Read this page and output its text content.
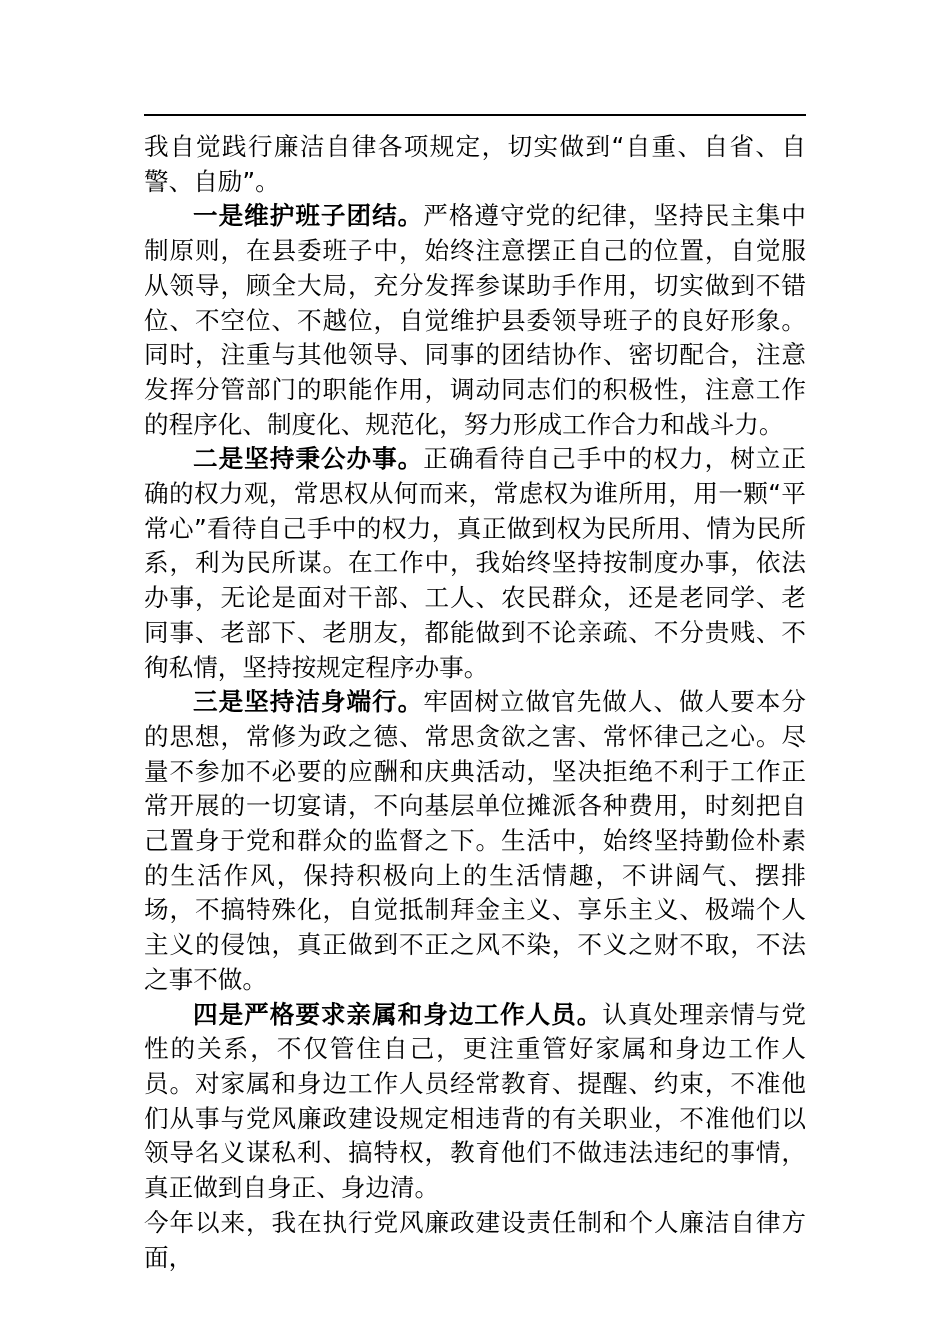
我自觉践行廉洁自律各项规定，切实做到“自重、自省、自警、自励”。

一是维护班子团结。严格遵守党的纪律，坚持民主集中制原则，在县委班子中，始终注意摆正自己的位置，自觉服从领导，顾全大局，充分发挥参谋助手作用，切实做到不错位、不空位、不越位，自觉维护县委领导班子的良好形象。同时，注重与其他领导、同事的团结协作、密切配合，注意发挥分管部门的职能作用，调动同志们的积极性，注意工作的程序化、制度化、规范化，努力形成工作合力和战斗力。

二是坚持秉公办事。正确看待自己手中的权力，树立正确的权力观，常思权从何而来，常虑权为谁所用，用一颗“平常心”看待自己手中的权力，真正做到权为民所用、情为民所系，利为民所谋。在工作中，我始终坚持按制度办事，依法办事，无论是面对干部、工人、农民群众，还是老同学、老同事、老部下、老朋友，都能做到不论亲疏、不分贵贱、不徇私情，坚持按规定程序办事。

三是坚持洁身端行。牢固树立做官先做人、做人要本分的思想，常修为政之德、常思贪欲之害、常怀律己之心。尽量不参加不必要的应酬和庆典活动，坚决拒绝不利于工作正常开展的一切宴请，不向基层单位摊派各种费用，时刻把自己置身于党和群众的监督之下。生活中，始终坚持勤俭朴素的生活作风，保持积极向上的生活情趣，不讲阔气、摆排场，不搞特殊化，自觉抵制拜金主义、享乐主义、极端个人主义的侵蚀，真正做到不正之风不染，不义之财不取，不法之事不做。

四是严格要求亲属和身边工作人员。认真处理亲情与党性的关系，不仅管住自己，更注重管好家属和身边工作人员。对家属和身边工作人员经常教育、提醒、约束，不准他们从事与党风廉政建设规定相违背的有关职业，不准他们以领导名义谋私利、搞特权，教育他们不做违法违纪的事情，真正做到自身正、身边清。

今年以来，我在执行党风廉政建设责任制和个人廉洁自律方面，
